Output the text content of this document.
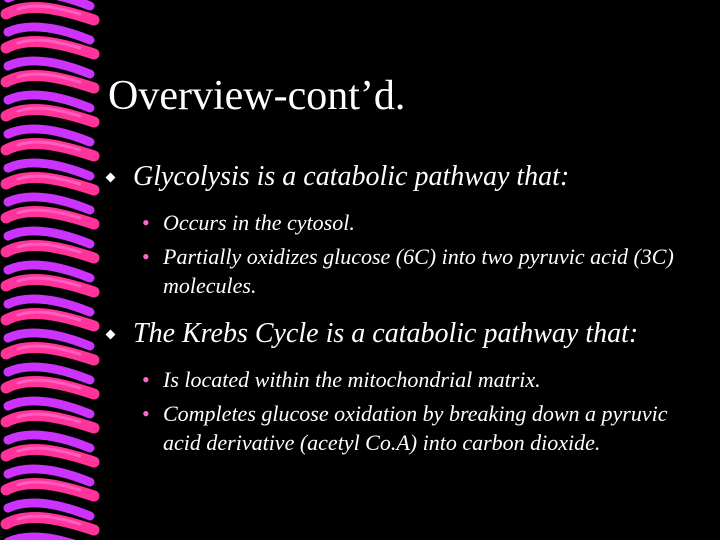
Overview-cont’d.
Glycolysis is a catabolic pathway that:
• Occurs in the cytosol.
• Partially oxidizes glucose (6C) into two pyruvic acid (3C) molecules.
The Krebs Cycle is a catabolic pathway that:
• Is located within the mitochondrial matrix.
• Completes glucose oxidation by breaking down a pyruvic acid derivative (acetyl Co.A) into carbon dioxide.
